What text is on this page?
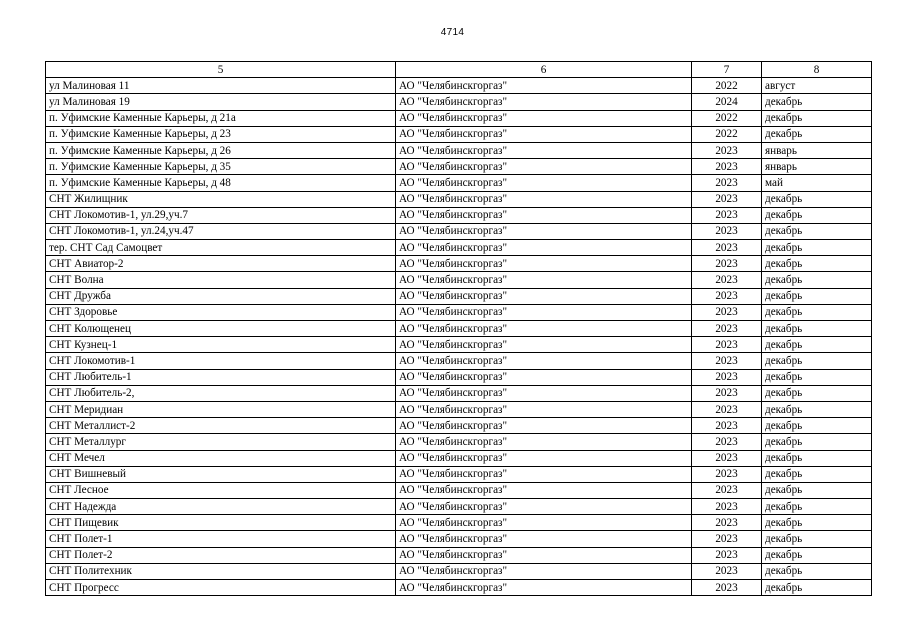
4714
5	6	7	8
ул Малиновая 11	АО "Челябинскгоргаз"	2022	август
ул Малиновая 19	АО "Челябинскгоргаз"	2024	декабрь
п. Уфимские Каменные Карьеры, д 21а	АО "Челябинскгоргаз"	2022	декабрь
п. Уфимские Каменные Карьеры, д 23	АО "Челябинскгоргаз"	2022	декабрь
п. Уфимские Каменные Карьеры, д 26	АО "Челябинскгоргаз"	2023	январь
п. Уфимские Каменные Карьеры, д 35	АО "Челябинскгоргаз"	2023	январь
п. Уфимские Каменные Карьеры, д 48	АО "Челябинскгоргаз"	2023	май
СНТ Жилищник	АО "Челябинскгоргаз"	2023	декабрь
СНТ Локомотив-1, ул.29,уч.7	АО "Челябинскгоргаз"	2023	декабрь
СНТ Локомотив-1, ул.24,уч.47	АО "Челябинскгоргаз"	2023	декабрь
тер. СНТ Сад Самоцвет	АО "Челябинскгоргаз"	2023	декабрь
СНТ Авиатор-2	АО "Челябинскгоргаз"	2023	декабрь
СНТ Волна	АО "Челябинскгоргаз"	2023	декабрь
СНТ Дружба	АО "Челябинскгоргаз"	2023	декабрь
СНТ Здоровье	АО "Челябинскгоргаз"	2023	декабрь
СНТ Колющенец	АО "Челябинскгоргаз"	2023	декабрь
СНТ Кузнец-1	АО "Челябинскгоргаз"	2023	декабрь
СНТ Локомотив-1	АО "Челябинскгоргаз"	2023	декабрь
СНТ Любитель-1	АО "Челябинскгоргаз"	2023	декабрь
СНТ Любитель-2,	АО "Челябинскгоргаз"	2023	декабрь
СНТ Меридиан	АО "Челябинскгоргаз"	2023	декабрь
СНТ Металлист-2	АО "Челябинскгоргаз"	2023	декабрь
СНТ Металлург	АО "Челябинскгоргаз"	2023	декабрь
СНТ Мечел	АО "Челябинскгоргаз"	2023	декабрь
СНТ Вишневый	АО "Челябинскгоргаз"	2023	декабрь
СНТ Лесное	АО "Челябинскгоргаз"	2023	декабрь
СНТ Надежда	АО "Челябинскгоргаз"	2023	декабрь
СНТ Пищевик	АО "Челябинскгоргаз"	2023	декабрь
СНТ Полет-1	АО "Челябинскгоргаз"	2023	декабрь
СНТ Полет-2	АО "Челябинскгоргаз"	2023	декабрь
СНТ Политехник	АО "Челябинскгоргаз"	2023	декабрь
СНТ Прогресс	АО "Челябинскгоргаз"	2023	декабрь
